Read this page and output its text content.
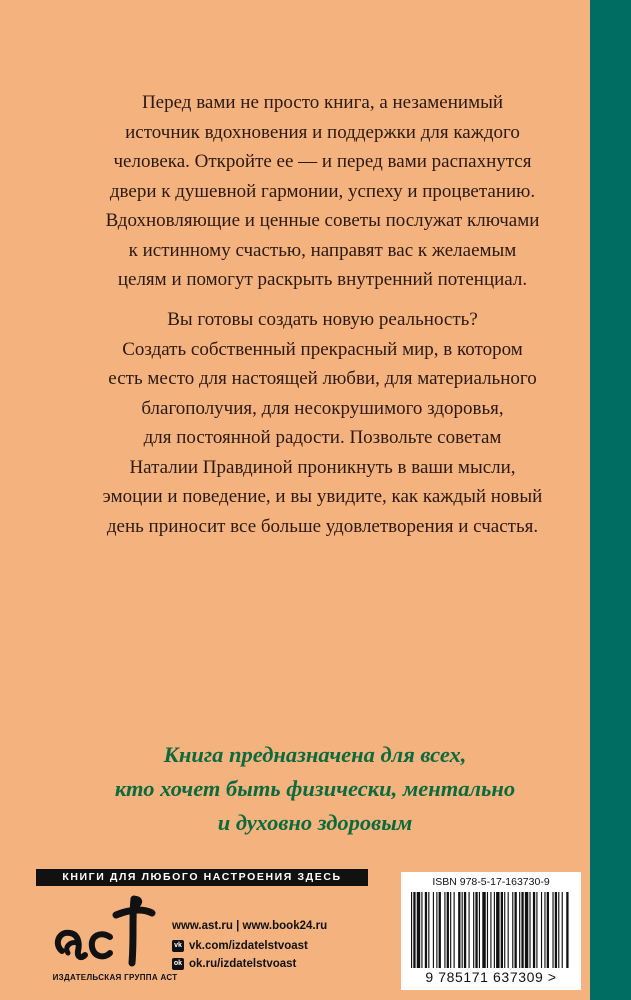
Перед вами не просто книга, а незаменимый
источник вдохновения и поддержки для каждого
человека. Откройте ее — и перед вами распахнутся
двери к душевной гармонии, успеху и процветанию.
Вдохновляющие и ценные советы послужат ключами
к истинному счастью, направят вас к желаемым
целям и помогут раскрыть внутренний потенциал.
Вы готовы создать новую реальность?
Создать собственный прекрасный мир, в котором
есть место для настоящей любви, для материального
благополучия, для несокрушимого здоровья,
для постоянной радости. Позвольте советам
Наталии Правдиной проникнуть в ваши мысли,
эмоции и поведение, и вы увидите, как каждый новый
день приносит все больше удовлетворения и счастья.
Книга предназначена для всех,
кто хочет быть физически, ментально
и духовно здоровым
КНИГИ ДЛЯ ЛЮБОГО НАСТРОЕНИЯ ЗДЕСЬ
ИЗДАТЕЛЬСКАЯ ГРУППА АСТ
www.ast.ru | www.book24.ru
vk vk.com/izdatelstvoast
ok ok.ru/izdatelstvoast
ISBN 978-5-17-163730-9
9 785171 637309 >
